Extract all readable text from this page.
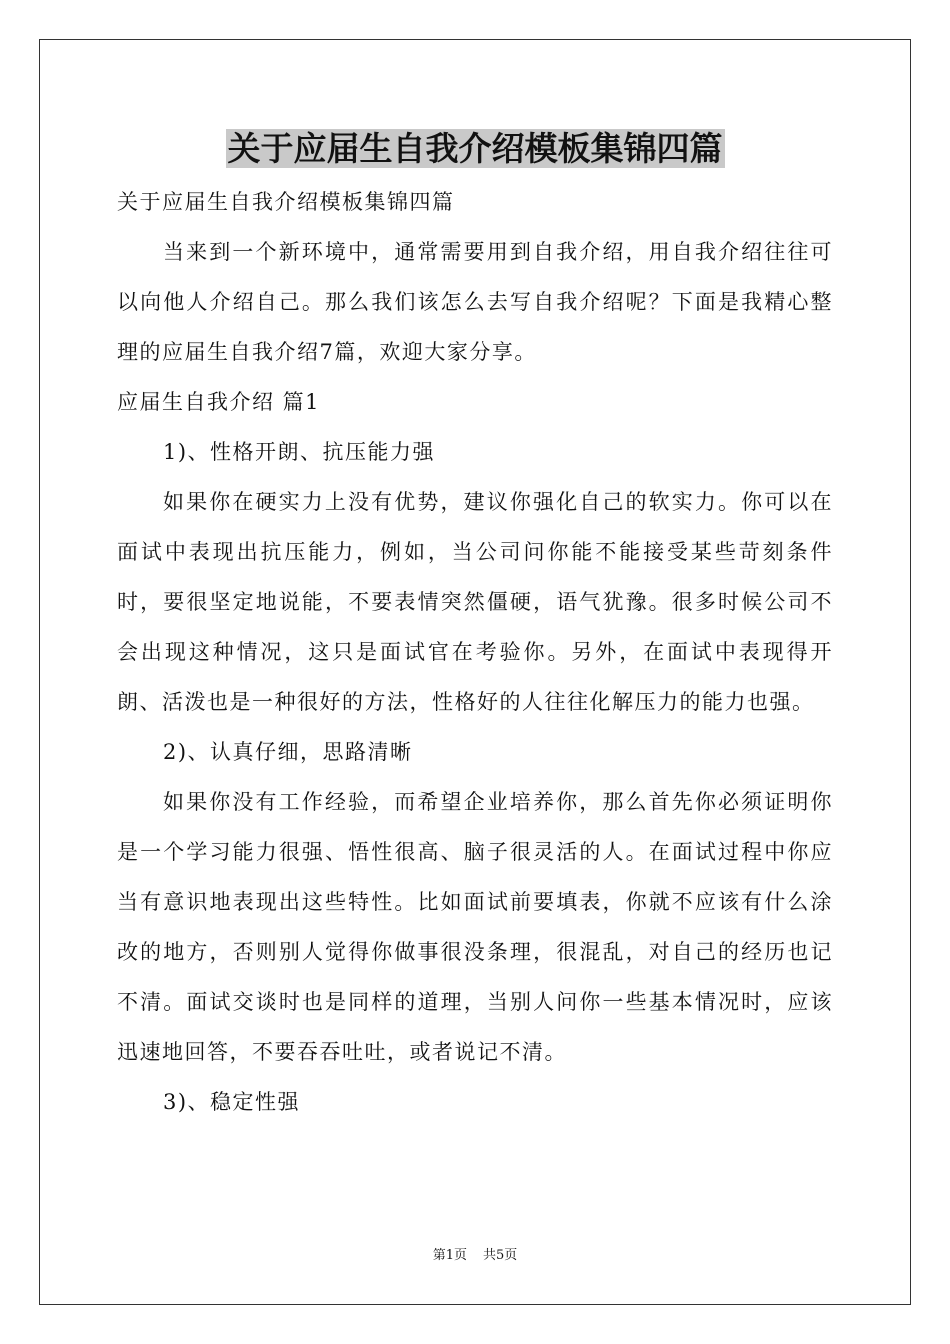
关于应届生自我介绍模板集锦四篇

关于应届生自我介绍模板集锦四篇

当来到一个新环境中，通常需要用到自我介绍，用自我介绍往往可以向他人介绍自己。那么我们该怎么去写自我介绍呢？下面是我精心整理的应届生自我介绍7篇，欢迎大家分享。

应届生自我介绍 篇1

1)、性格开朗、抗压能力强

如果你在硬实力上没有优势，建议你强化自己的软实力。你可以在面试中表现出抗压能力，例如，当公司问你能不能接受某些苛刻条件时，要很坚定地说能，不要表情突然僵硬，语气犹豫。很多时候公司不会出现这种情况，这只是面试官在考验你。另外，在面试中表现得开朗、活泼也是一种很好的方法，性格好的人往往化解压力的能力也强。

2)、认真仔细，思路清晰

如果你没有工作经验，而希望企业培养你，那么首先你必须证明你是一个学习能力很强、悟性很高、脑子很灵活的人。在面试过程中你应当有意识地表现出这些特性。比如面试前要填表，你就不应该有什么涂改的地方，否则别人觉得你做事很没条理，很混乱，对自己的经历也记不清。面试交谈时也是同样的道理，当别人问你一些基本情况时，应该迅速地回答，不要吞吞吐吐，或者说记不清。

3)、稳定性强

第1页 共5页
